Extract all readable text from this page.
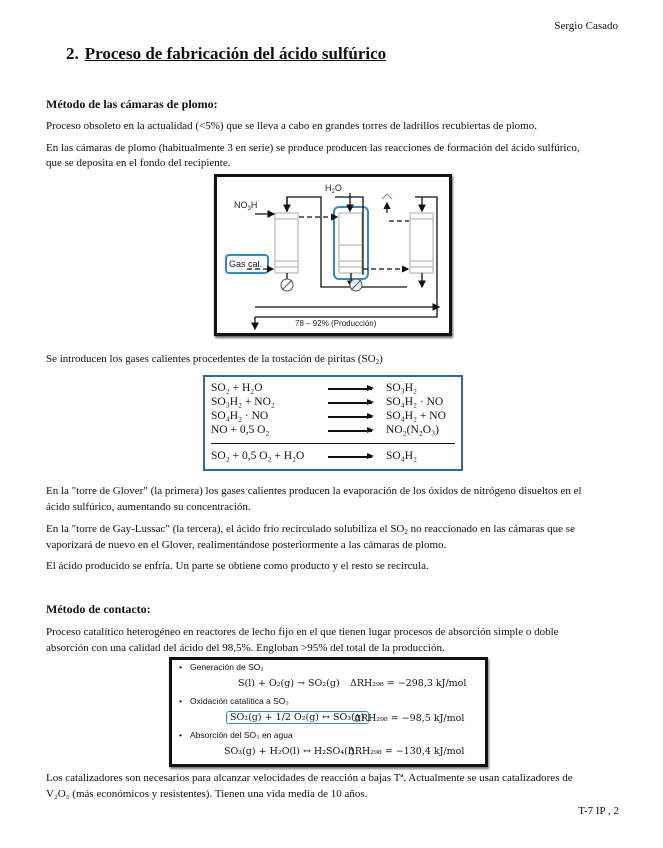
Sergio Casado
2. Proceso de fabricación del ácido sulfúrico
Método de las cámaras de plomo:
Proceso obsoleto en la actualidad (<5%) que se lleva a cabo en grandes torres de ladrillos recubiertas de plomo.
En las cámaras de plomo (habitualmente 3 en serie) se produce producen las reacciones de formación del ácido sulfúrico,
que se deposita en el fondo del recipiente.
$NO_3H$
$H_2O$
Gas cal.
78 – 92% (Producción)
Se introducen los gases calientes procedentes de la tostación de piritas $(SO_2)$
SO₂ + H₂O	SO₃H₂
SO₃H₂ + NO₂	SO₄H₂ · NO
SO₄H₂ · NO	SO₄H₂ + NO
NO + 0,5 O₂	NO₂(N₂O₃)
SO₂ + 0,5 O₂ + H₂O	SO₄H₂
En la "torre de Glover" (la primera) los gases calientes producen la evaporación de los óxidos de nitrógeno disueltos en el
ácido sulfúrico, aumentando su concentración.
En la "torre de Gay-Lussac" (la tercera), el ácido frío recirculado solubiliza el $SO_2$ no reaccionado en las cámaras que se
vaporizará de nuevo en el Glover, realimentándose posteriormente a las cámaras de plomo.
El ácido producido se enfría. Un parte se obtiene como producto y el resto se recircula.
Método de contacto:
Proceso catalítico heterogéneo en reactores de lecho fijo en el que tienen lugar procesos de absorción simple o doble
absorción con una calidad del ácido del 98,5%. Engloban >95% del total de la producción.
• Generación de SO₂
S(l) + O₂(g) → SO₂(g) ΔRH₂₉₈ = −298,3 kJ/mol
• Oxidación catalítica a SO₃
SO₂(g) + 1/2 O₂(g) ↔ SO₃(g)
ΔRH₂₉₈ = −98,5 kJ/mol
• Absorción del SO₃ en agua
SO₃(g) + H₂O(l) ↔ H₂SO₄(l)
ΔRH₂₉₈ = −130,4 kJ/mol
Los catalizadores son necesarios para alcanzar velocidades de reacción a bajas Tª. Actualmente se usan catalizadores de
V₂O₅ (más económicos y resistentes). Tienen una vida media de 10 años.
T-7 IP , 2
